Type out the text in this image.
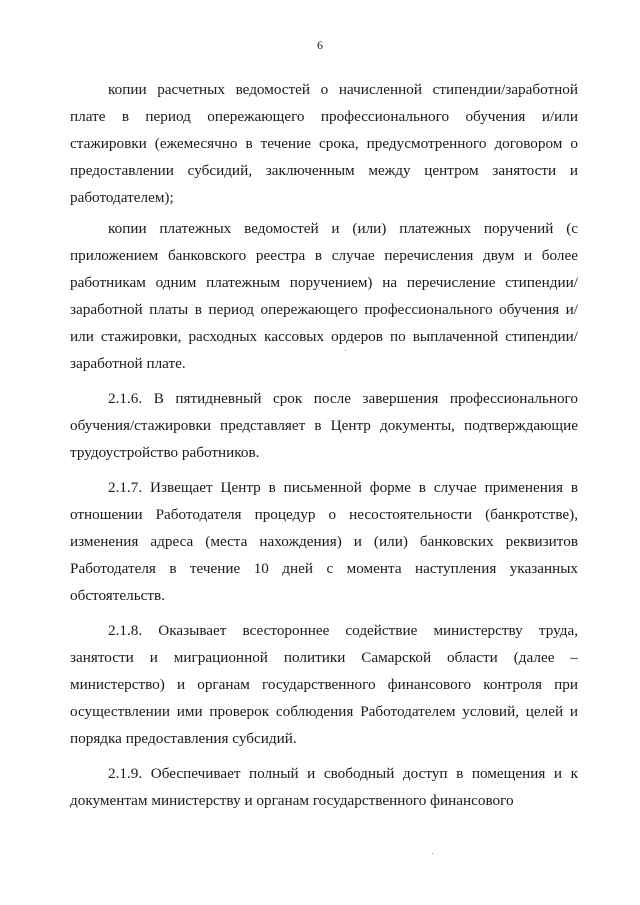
6

копии расчетных ведомостей о начисленной стипендии/заработной плате в период опережающего профессионального обучения и/или стажировки (ежемесячно в течение срока, предусмотренного договором о предоставлении субсидий, заключенным между центром занятости и работодателем);

копии платежных ведомостей и (или) платежных поручений (с приложением банковского реестра в случае перечисления двум и более работникам одним платежным поручением) на перечисление стипендии/заработной платы в период опережающего профессионального обучения и/или стажировки, расходных кассовых ордеров по выплаченной стипендии/заработной плате.

2.1.6. В пятидневный срок после завершения профессионального обучения/стажировки представляет в Центр документы, подтверждающие трудоустройство работников.

2.1.7. Извещает Центр в письменной форме в случае применения в отношении Работодателя процедур о несостоятельности (банкротстве), изменения адреса (места нахождения) и (или) банковских реквизитов Работодателя в течение 10 дней с момента наступления указанных обстоятельств.

2.1.8. Оказывает всестороннее содействие министерству труда, занятости и миграционной политики Самарской области (далее – министерство) и органам государственного финансового контроля при осуществлении ими проверок соблюдения Работодателем условий, целей и порядка предоставления субсидий.

2.1.9. Обеспечивает полный и свободный доступ в помещения и к документам министерству и органам государственного финансового
